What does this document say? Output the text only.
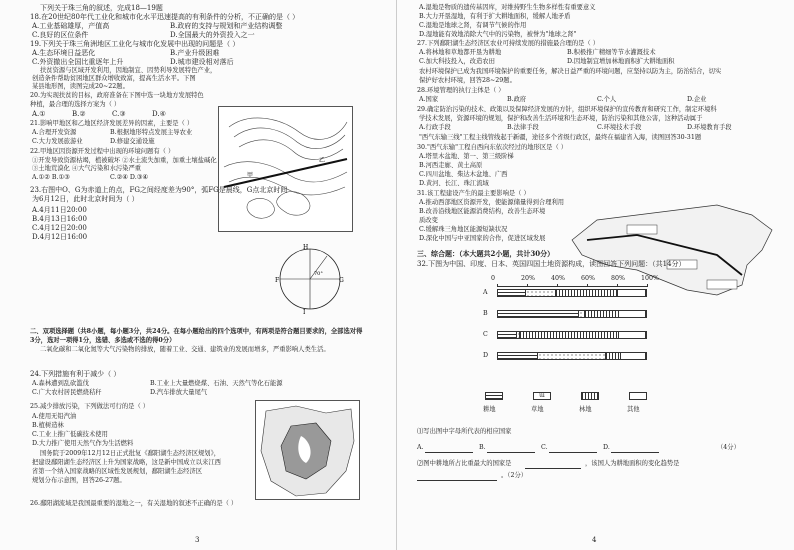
下列关于珠三角的叙述，完成18—19题
18.在20世纪80年代工业化和城市化水平迅速提高的有利条件的分析，不正确的是（ ）
A.工业基础雄厚，产值高	B.政府的支持与规划和产业结构调整
C.良好的区位条件	D.全国最大的外资投入之一
19.下列关于珠三角洲地区工业化与城市化发展中出现的问题是（ ）
A.生态环境日益恶化	B.产业升级困难
C.外资撤出全国比重逐年上升	D.城市建设相对落后
扶贫资源与区域开发利用，因地制宜、因势利导发展特色产业，
创造条件帮助贫困地区群众增收致富，提高生活水平。下图
某县地形图，读图完成20~22题。
20.为实现扶贫的目标，政府准备在下图中选一块地方发展特色种植，最合理的选择方案为（ ）
A.①	B.②	C.③	D.④
21.影响甲地区和乙地区经济发展差异的因素，主要是（ ）
A.合理开发资源	B.根据地形特点发展主导农业
C.大力发展旅游业	D.修建交通设施
22.甲地区因资源开发过程中出现的环境问题有（ ）
①开发导致资源枯竭，植被破坏 ②水土流失加重，加重土壤盐碱化
③土地荒漠化 ④大气污染和水污染严重
A.①② B.①③	C.②④ D.③④	甲
乙
23.右图中O、G为赤道上的点，FG之间经度差为90°，弧FG是晨线，G点北京时间
为6月12日，此时北京时间为（ ）
A.4月11日20:00
B.4月13日16:00
C.4月12日20:00
D.4月12日16:00
H
F	G
I
70°
二、双项选择题（共8小题，每小题3分，共24分。在每小题给出的四个选项中，有两项是符合题目要求的，全部选对得3分，选对一项得1分，选错、多选或不选的得0分）
二氧化碳和二氧化氮等大气污染物的排放，随着工业、交通、建筑业的发展而增多，严重影响人类生活。
24.下列措施有利于减少（ ）
A.森林遭到乱砍滥伐	B.工业上大量燃烧煤、石油、天然气等化石能源
C.广大农村居民燃烧秸秆	D.汽车排放大量尾气
25.减少排放污染，下列做法可行的是（ ）
A.使用无铅汽油
B.植树造林
C.工业上推广低碳技术使用
D.大力推广使用天然气作为生活燃料
国务院于2009年12月12日正式批复《鄱阳湖生态经济区规划》，
把建设鄱阳湖生态经济区上升为国家战略，这是新中国成立以来江西
省第一个纳入国家战略的区域性发展规划，鄱阳湖生态经济区
规划分布示意图，回答26-27题。
26.鄱阳湖流域是我国最重要的湿地之一，有关湿地的叙述不正确的是（ ）
3
A.湿地是物质的遗传基因库，对维持野生生物多样性有重要意义
B.大力开垦湿地，有利于扩大耕地面积，缓解人地矛盾
C.湿地是地球之肾，有调节气候的作用
D.湿地能有效地消除大气中的污染物，被誉为"地球之肾"
27.下列鄱阳湖生态经济区农业可持续发展的措施最合理的是（ ）
A.将林地和草地都开垦为耕地	B.积极推广精细等节水灌溉技术
C.加大科技投入，改造农田	D.因地制宜增加林地面积扩大耕地面积
农村环境保护已成为我国环境保护的重要任务，解决日益严重的环境问题，应坚持以防为主，防治结合，切实
保护好农村环境，回答28~29题。
28.环境管理的执行主体是（ ）
A.国家	B.政府	C.个人	D.企业
29.确定防治污染的技术、政策以及保障经济发展的方针，组织环境保护的宣传教育和研究工作，制定环境科
学技术发展，资源环境的规划，保护和改善生活环境和生态环境，防治污染和其他公害，这种活动属于
A.行政手段	B.法律手段	C.环境技术手段	D.环境教育手段
"西气东输三线"工程主线管线起于新疆，途径多个省级行政区，最终在福建省入海，读图回答30-31题
30."西气东输"工程自西向东依次经过的地形区是（ ）
A.塔里木盆地、第一、第三级阶梯
B.河西走廊、黄土高原
C.四川盆地、柴达木盆地、广西
D.黄河、长江、珠江流域
31.该工程建设产生的最主要影响是（ ）
A.推动西部地区资源开发，使能源储量得到合理利用
B.改善沿线地区能源消费结构，改善生态环境
质改变
C.缓解珠三角地区能源短缺状况
D.深化中国与中亚国家的合作，促进区域发展
三、综合题：（本大题共2小题，共计30分）
32.下图为中国、印度、日本、英国四国土地资源构成，读图回答下列问题：（共14分）
0	20%	40%	60%	80%	100%
A
B
C
D
ɯ
耕地	草地	林地	其他
⑴写出图中字母所代表的相应国家
A.	B.	C.	D.	（4分）
⑵图中耕地所占比重最大的国家是	，该国人为耕地面积的变化趋势是
。（2分）
4
